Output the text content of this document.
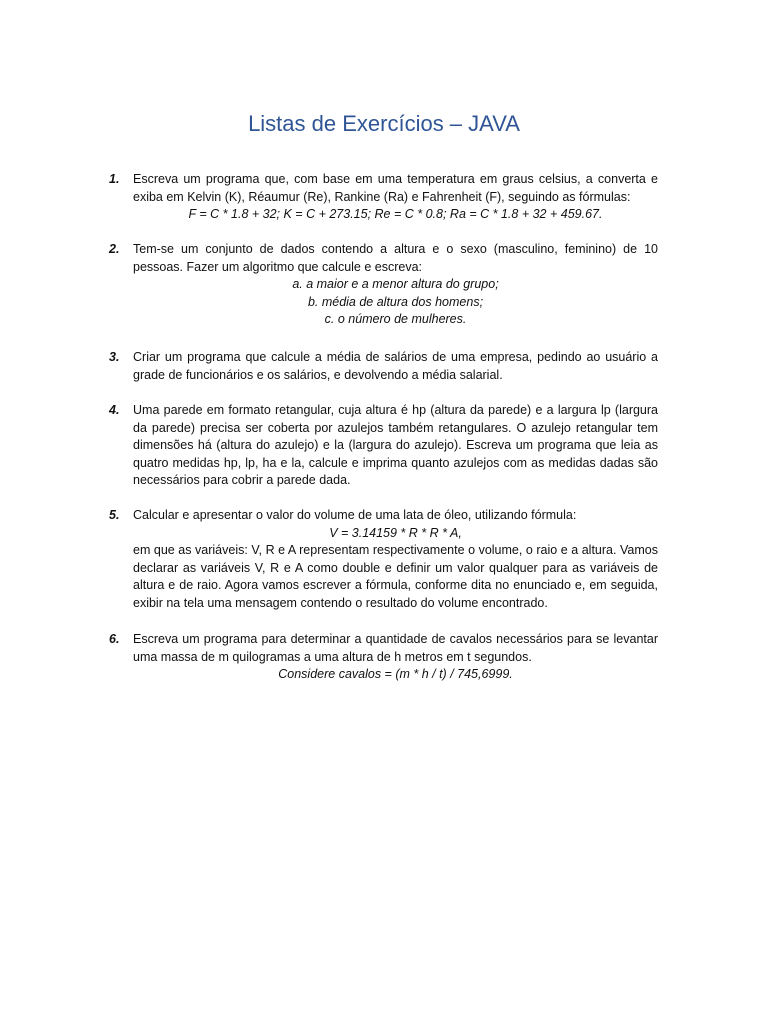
Listas de Exercícios – JAVA
1. Escreva um programa que, com base em uma temperatura em graus celsius, a converta e exiba em Kelvin (K), Réaumur (Re), Rankine (Ra) e Fahrenheit (F), seguindo as fórmulas:
F = C * 1.8 + 32; K = C + 273.15; Re = C * 0.8; Ra = C * 1.8 + 32 + 459.67.
2. Tem-se um conjunto de dados contendo a altura e o sexo (masculino, feminino) de 10 pessoas. Fazer um algoritmo que calcule e escreva:
a. a maior e a menor altura do grupo;
b. média de altura dos homens;
c. o número de mulheres.
3. Criar um programa que calcule a média de salários de uma empresa, pedindo ao usuário a grade de funcionários e os salários, e devolvendo a média salarial.
4. Uma parede em formato retangular, cuja altura é hp (altura da parede) e a largura lp (largura da parede) precisa ser coberta por azulejos também retangulares. O azulejo retangular tem dimensões há (altura do azulejo) e la (largura do azulejo). Escreva um programa que leia as quatro medidas hp, lp, ha e la, calcule e imprima quanto azulejos com as medidas dadas são necessários para cobrir a parede dada.
5. Calcular e apresentar o valor do volume de uma lata de óleo, utilizando fórmula:
V = 3.14159 * R * R * A,
em que as variáveis: V, R e A representam respectivamente o volume, o raio e a altura. Vamos declarar as variáveis V, R e A como double e definir um valor qualquer para as variáveis de altura e de raio. Agora vamos escrever a fórmula, conforme dita no enunciado e, em seguida, exibir na tela uma mensagem contendo o resultado do volume encontrado.
6. Escreva um programa para determinar a quantidade de cavalos necessários para se levantar uma massa de m quilogramas a uma altura de h metros em t segundos.
Considere cavalos = (m * h / t) / 745,6999.
